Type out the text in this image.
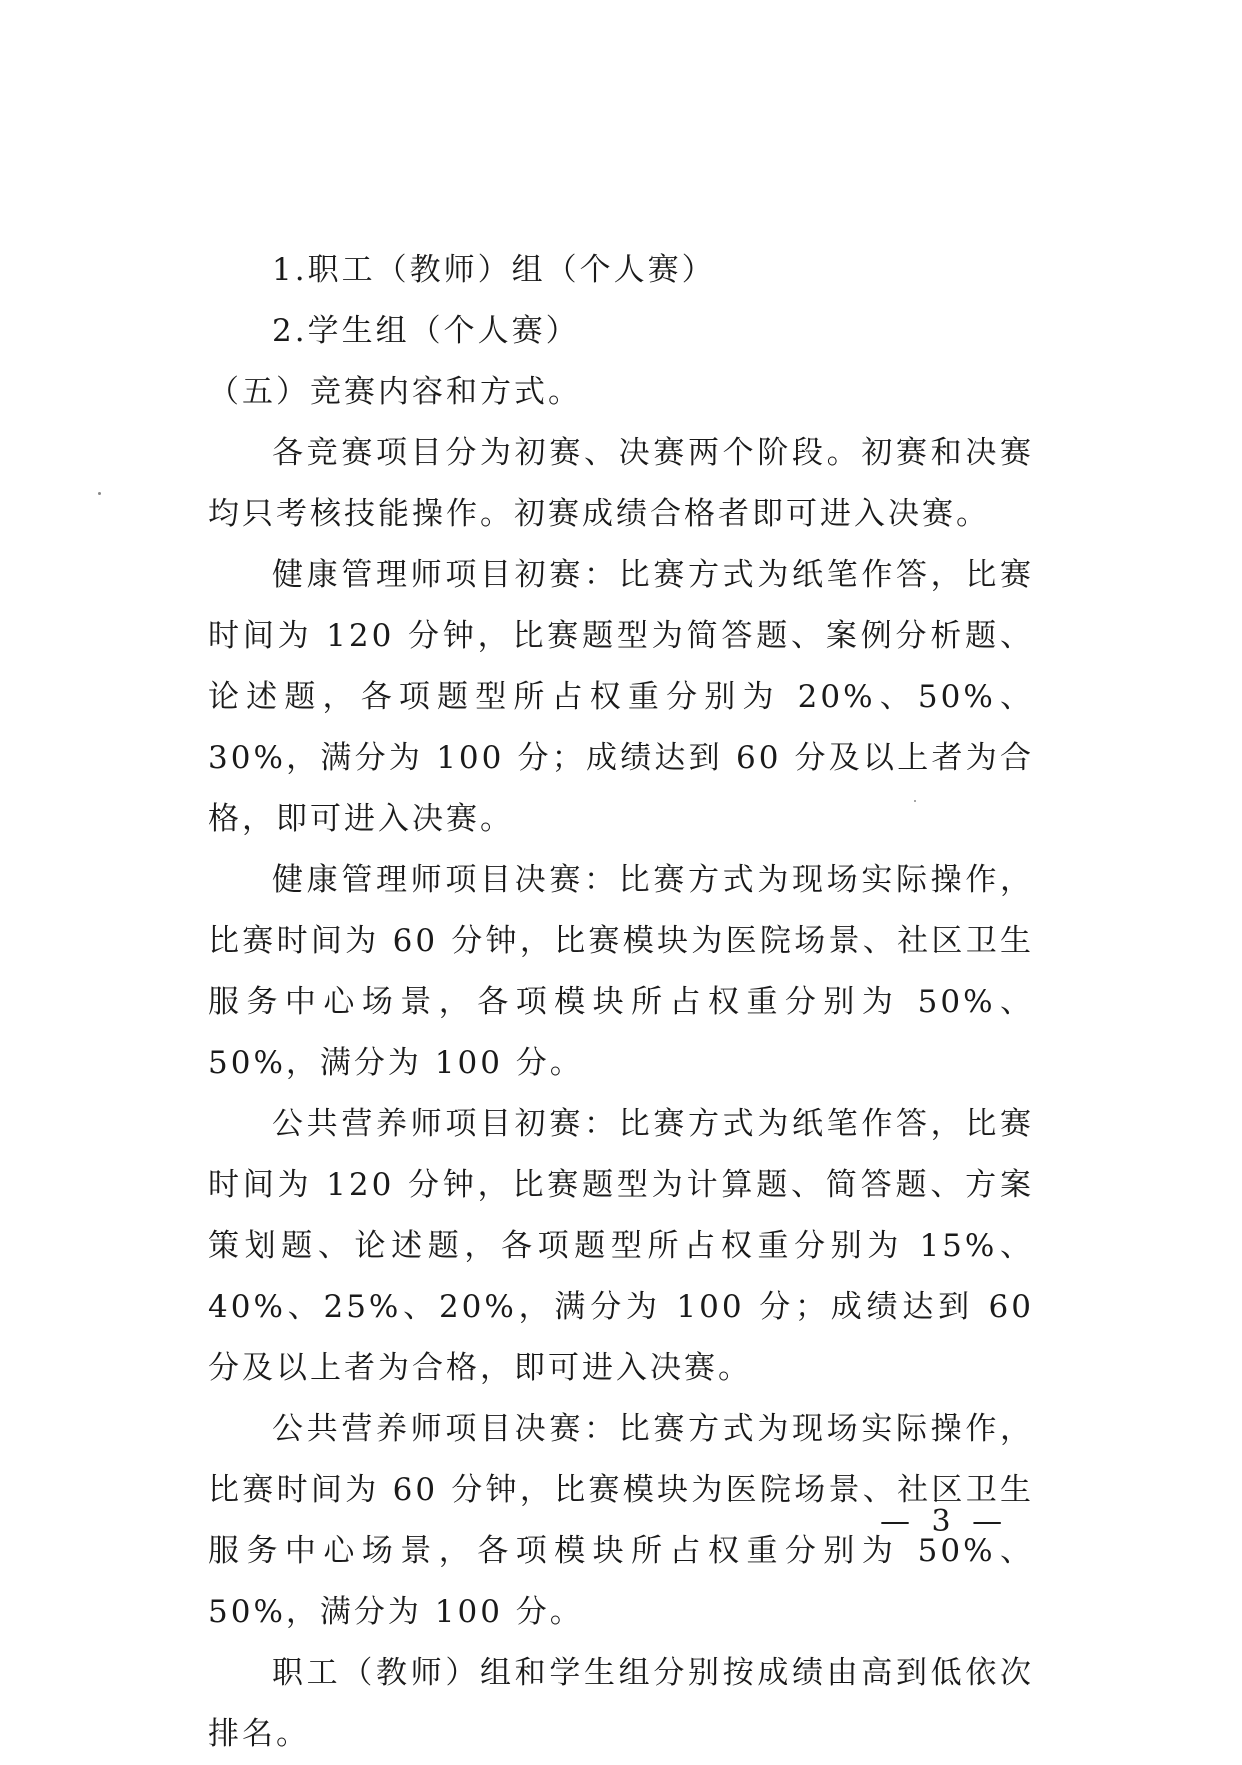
1.职工（教师）组（个人赛）

2.学生组（个人赛）

（五）竞赛内容和方式。

各竞赛项目分为初赛、决赛两个阶段。初赛和决赛均只考核技能操作。初赛成绩合格者即可进入决赛。

健康管理师项目初赛：比赛方式为纸笔作答，比赛时间为 120 分钟，比赛题型为简答题、案例分析题、论述题，各项题型所占权重分别为 20%、50%、30%，满分为 100 分；成绩达到 60 分及以上者为合格，即可进入决赛。

健康管理师项目决赛：比赛方式为现场实际操作，比赛时间为 60 分钟，比赛模块为医院场景、社区卫生服务中心场景，各项模块所占权重分别为 50%、50%，满分为 100 分。

公共营养师项目初赛：比赛方式为纸笔作答，比赛时间为 120 分钟，比赛题型为计算题、简答题、方案策划题、论述题，各项题型所占权重分别为 15%、40%、25%、20%，满分为 100 分；成绩达到 60 分及以上者为合格，即可进入决赛。

公共营养师项目决赛：比赛方式为现场实际操作，比赛时间为 60 分钟，比赛模块为医院场景、社区卫生服务中心场景，各项模块所占权重分别为 50%、50%，满分为 100 分。

职工（教师）组和学生组分别按成绩由高到低依次排名。

— 3 —
